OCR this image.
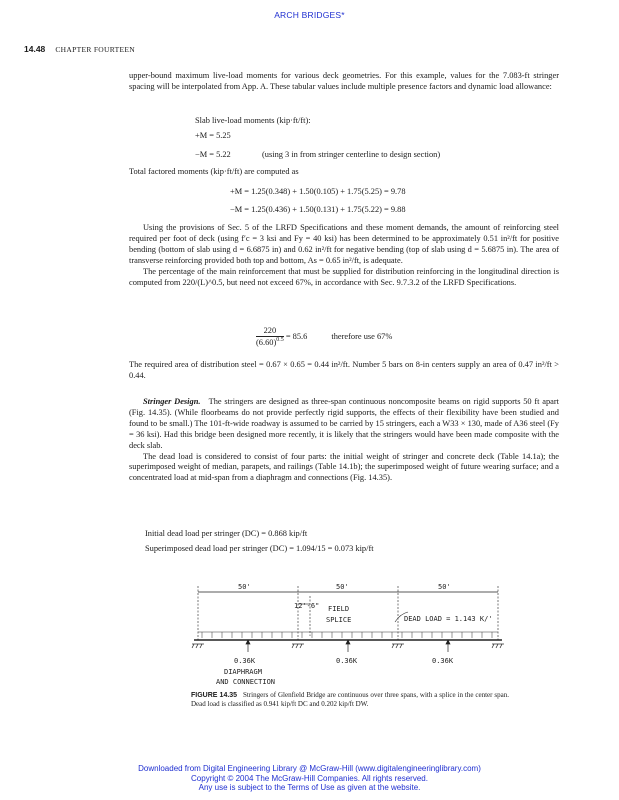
ARCH BRIDGES*
14.48 CHAPTER FOURTEEN

upper-bound maximum live-load moments for various deck geometries. For this example, values for the 7.083-ft stringer spacing will be interpolated from App. A. These tabular values include multiple presence factors and dynamic load allowance:

Slab live-load moments (kip·ft/ft):
+M = 5.25
−M = 5.22	(using 3 in from stringer centerline to design section)
Total factored moments (kip·ft/ft) are computed as
+M = 1.25(0.348) + 1.50(0.105) + 1.75(5.25) = 9.78
−M = 1.25(0.436) + 1.50(0.131) + 1.75(5.22) = 9.88

Using the provisions of Sec. 5 of the LRFD Specifications and these moment demands, the amount of reinforcing steel required per foot of deck (using f′c = 3 ksi and Fy = 40 ksi) has been determined to be approximately 0.51 in²/ft for positive bending (bottom of slab using d = 6.6875 in) and 0.62 in²/ft for negative bending (top of slab using d = 5.6875 in). The area of transverse reinforcing provided both top and bottom, As = 0.65 in²/ft, is adequate.

The percentage of the main reinforcement that must be supplied for distribution reinforcing in the longitudinal direction is computed from 220/(L)^0.5, but need not exceed 67%, in accordance with Sec. 9.7.3.2 of the LRFD Specifications.

$\frac{220}{(6.60)^{0.5}} = 85.6$	therefore use 67%

The required area of distribution steel = 0.67 × 0.65 = 0.44 in²/ft. Number 5 bars on 8-in centers supply an area of 0.47 in²/ft > 0.44.

Stringer Design. The stringers are designed as three-span continuous noncomposite beams on rigid supports 50 ft apart (Fig. 14.35). (While floorbeams do not provide perfectly rigid supports, the effects of their flexibility have been studied and found to be small.) The 101-ft-wide roadway is assumed to be carried by 15 stringers, each a W33 × 130, made of A36 steel (Fy = 36 ksi). Had this bridge been designed more recently, it is likely that the stringers would have been made composite with the deck slab.

The dead load is considered to consist of four parts: the initial weight of stringer and concrete deck (Table 14.1a); the superimposed weight of median, parapets, and railings (Table 14.1b); the superimposed weight of future wearing surface; and a concentrated load at mid-span from a diaphragm and connections (Fig. 14.35).

Initial dead load per stringer (DC) = 0.868 kip/ft
Superimposed dead load per stringer (DC) = 1.094/15 = 0.073 kip/ft
50'	50'	50'
12'-6" FIELD
SPLICE	DEAD LOAD = 1.143 K/'
0.36K	0.36K	0.36K
DIAPHRAGM
AND CONNECTION
FIGURE 14.35 Stringers of Glenfield Bridge are continuous over three spans, with a splice in the center span. Dead load is classified as 0.941 kip/ft DC and 0.202 kip/ft DW.
Downloaded from Digital Engineering Library @ McGraw-Hill (www.digitalengineeringlibrary.com)
Copyright © 2004 The McGraw-Hill Companies. All rights reserved.
Any use is subject to the Terms of Use as given at the website.
